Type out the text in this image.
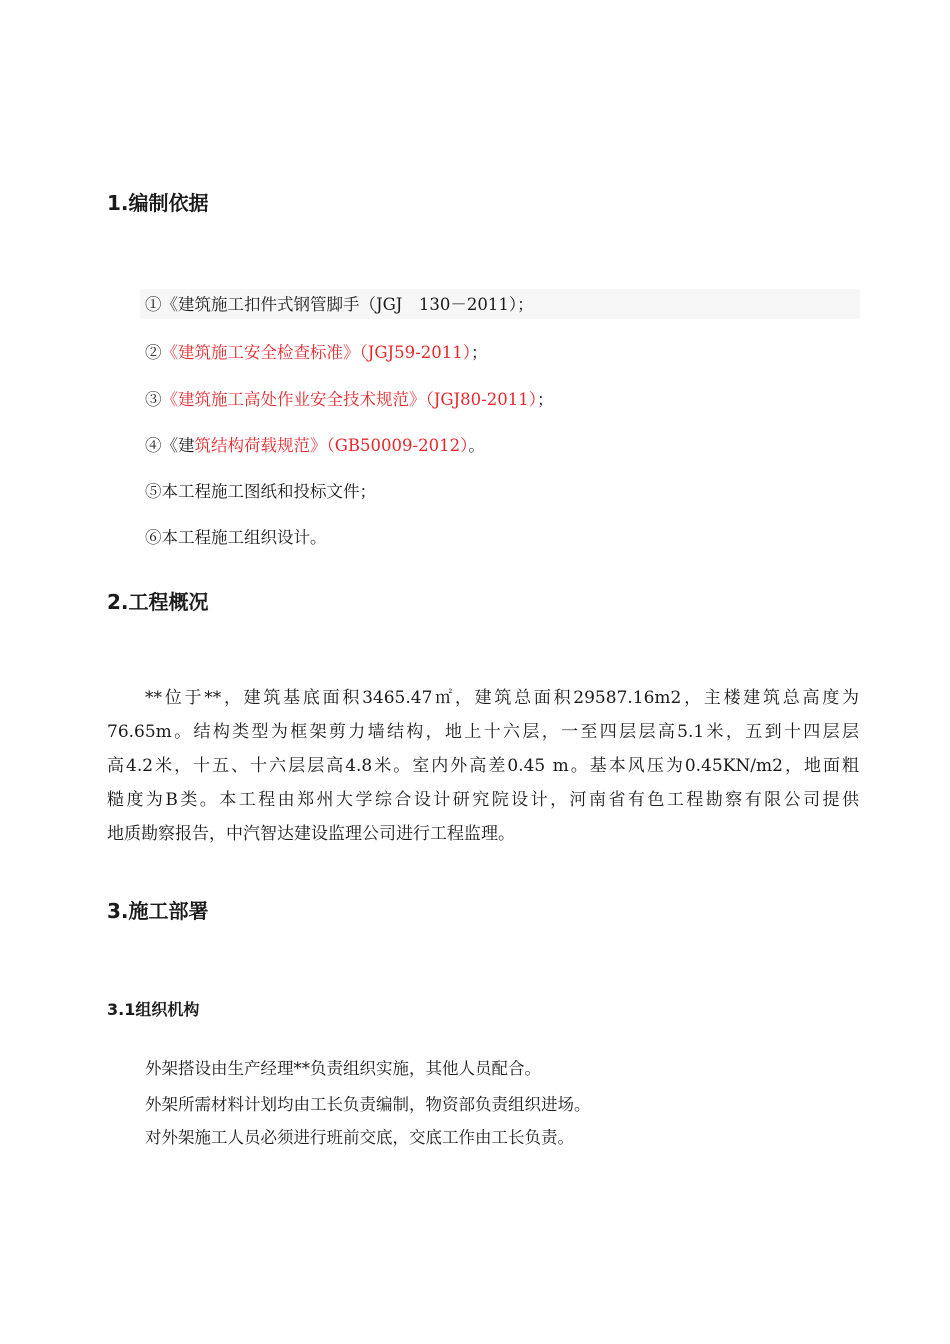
1.编制依据
①《建筑施工扣件式钢管脚手（JGJ　130－2011）；
②《建筑施工安全检查标准》（JGJ59-2011）；
③《建筑施工高处作业安全技术规范》（JGJ80-2011）；
④《建筑结构荷载规范》（GB50009-2012）。
⑤本工程施工图纸和投标文件；
⑥本工程施工组织设计。
2.工程概况
**位于**，建筑基底面积3465.47㎡，建筑总面积29587.16m2，主楼建筑总高度为
76.65m。结构类型为框架剪力墙结构，地上十六层，一至四层层高5.1米，五到十四层层
高4.2米，十五、十六层层高4.8米。室内外高差0.45 m。基本风压为0.45KN/m2，地面粗
糙度为B类。本工程由郑州大学综合设计研究院设计，河南省有色工程勘察有限公司提供
地质勘察报告，中汽智达建设监理公司进行工程监理。
3.施工部署
3.1组织机构
外架搭设由生产经理**负责组织实施，其他人员配合。
外架所需材料计划均由工长负责编制，物资部负责组织进场。
对外架施工人员必须进行班前交底，交底工作由工长负责。
